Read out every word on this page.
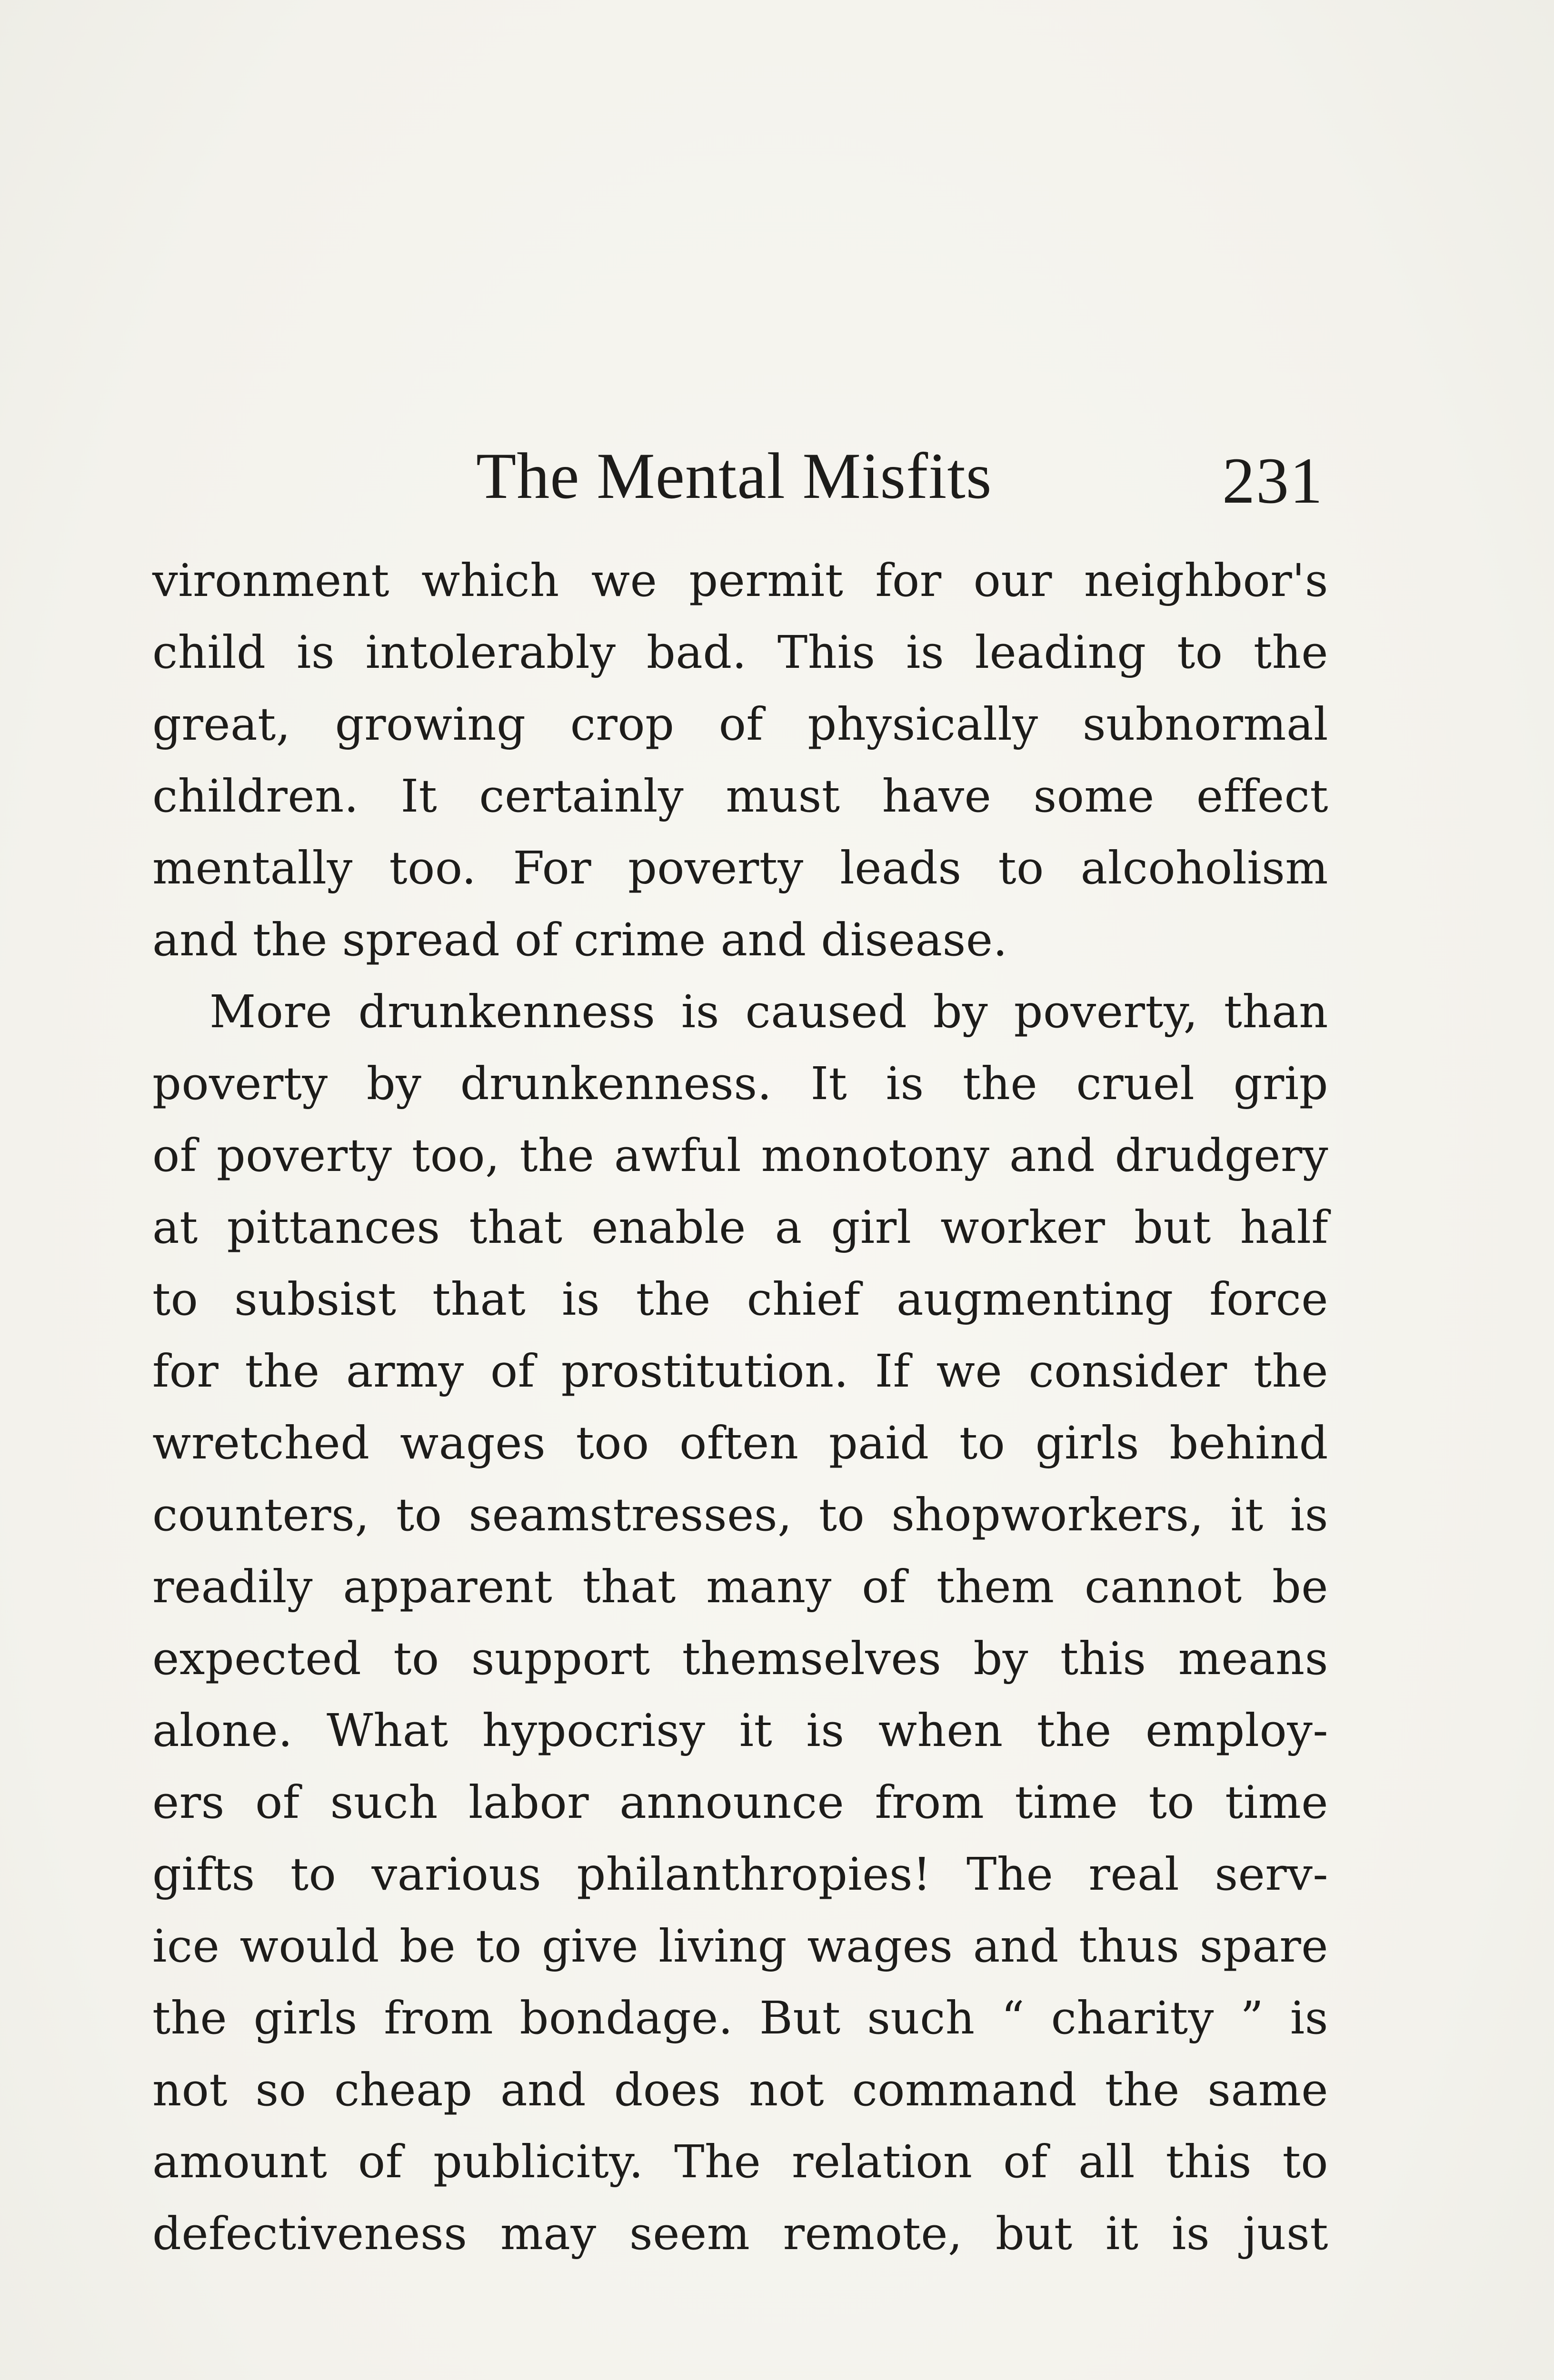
The Mental Misfits	231
vironment which we permit for our neighbor's
child is intolerably bad. This is leading to the
great, growing crop of physically subnormal
children. It certainly must have some effect
mentally too. For poverty leads to alcoholism
and the spread of crime and disease.
More drunkenness is caused by poverty, than
poverty by drunkenness. It is the cruel grip
of poverty too, the awful monotony and drudgery
at pittances that enable a girl worker but half
to subsist that is the chief augmenting force
for the army of prostitution. If we consider the
wretched wages too often paid to girls behind
counters, to seamstresses, to shopworkers, it is
readily apparent that many of them cannot be
expected to support themselves by this means
alone. What hypocrisy it is when the employ-
ers of such labor announce from time to time
gifts to various philanthropies! The real serv-
ice would be to give living wages and thus spare
the girls from bondage. But such “ charity ” is
not so cheap and does not command the same
amount of publicity. The relation of all this to
defectiveness may seem remote, but it is just
